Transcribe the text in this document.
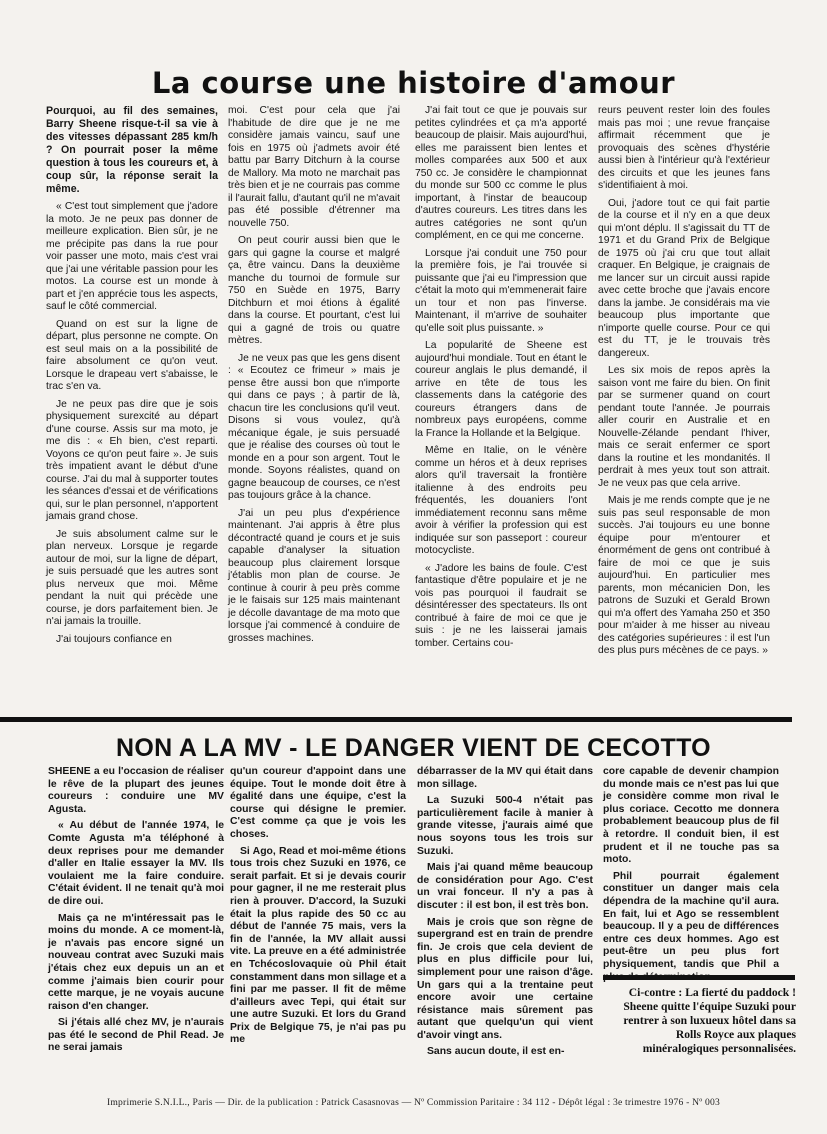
La course une histoire d'amour

Pourquoi, au fil des semaines, Barry Sheene risque-t-il sa vie à des vitesses dépassant 285 km/h ? On pourrait poser la même question à tous les coureurs et, à coup sûr, la réponse serait la même.

« C'est tout simplement que j'adore la moto. Je ne peux pas donner de meilleure explication. Bien sûr, je ne me précipite pas dans la rue pour voir passer une moto, mais c'est vrai que j'ai une véritable passion pour les motos. La course est un monde à part et j'en apprécie tous les aspects, sauf le côté commercial.

Quand on est sur la ligne de départ, plus personne ne compte. On est seul mais on a la possibilité de faire absolument ce qu'on veut. Lorsque le drapeau vert s'abaisse, le trac s'en va.

Je ne peux pas dire que je sois physiquement surexcité au départ d'une course. Assis sur ma moto, je me dis : « Eh bien, c'est reparti. Voyons ce qu'on peut faire ». Je suis très impatient avant le début d'une course. J'ai du mal à supporter toutes les séances d'essai et de vérifications qui, sur le plan personnel, n'apportent jamais grand chose.

Je suis absolument calme sur le plan nerveux. Lorsque je regarde autour de moi, sur la ligne de départ, je suis persuadé que les autres sont plus nerveux que moi. Même pendant la nuit qui précède une course, je dors parfaitement bien. Je n'ai jamais la trouille.

J'ai toujours confiance en

moi. C'est pour cela que j'ai l'habitude de dire que je ne me considère jamais vaincu, sauf une fois en 1975 où j'admets avoir été battu par Barry Ditchurn à la course de Mallory. Ma moto ne marchait pas très bien et je ne courrais pas comme il l'aurait fallu, d'autant qu'il ne m'avait pas été possible d'étrenner ma nouvelle 750.

On peut courir aussi bien que le gars qui gagne la course et malgré ça, être vaincu. Dans la deuxième manche du tournoi de formule sur 750 en Suède en 1975, Barry Ditchburn et moi étions à égalité dans la course. Et pourtant, c'est lui qui a gagné de trois ou quatre mètres.

Je ne veux pas que les gens disent : « Ecoutez ce frimeur » mais je pense être aussi bon que n'importe qui dans ce pays ; à partir de là, chacun tire les conclusions qu'il veut. Disons si vous voulez, qu'à mécanique égale, je suis persuadé que je réalise des courses où tout le monde en a pour son argent. Tout le monde. Soyons réalistes, quand on gagne beaucoup de courses, ce n'est pas toujours grâce à la chance.

J'ai un peu plus d'expérience maintenant. J'ai appris à être plus décontracté quand je cours et je suis capable d'analyser la situation beaucoup plus clairement lorsque j'établis mon plan de course. Je continue à courir à peu près comme je le faisais sur 125 mais maintenant je décolle davantage de ma moto que lorsque j'ai commencé à conduire de grosses machines.

J'ai fait tout ce que je pouvais sur petites cylindrées et ça m'a apporté beaucoup de plaisir. Mais aujourd'hui, elles me paraissent bien lentes et molles comparées aux 500 et aux 750 cc. Je considère le championnat du monde sur 500 cc comme le plus important, à l'instar de beaucoup d'autres coureurs. Les titres dans les autres catégories ne sont qu'un complément, en ce qui me concerne.

Lorsque j'ai conduit une 750 pour la première fois, je l'ai trouvée si puissante que j'ai eu l'impression que c'était la moto qui m'emmenerait faire un tour et non pas l'inverse. Maintenant, il m'arrive de souhaiter qu'elle soit plus puissante. »

La popularité de Sheene est aujourd'hui mondiale. Tout en étant le coureur anglais le plus demandé, il arrive en tête de tous les classements dans la catégorie des coureurs étrangers dans de nombreux pays européens, comme la France la Hollande et la Belgique.

Même en Italie, on le vénère comme un héros et à deux reprises alors qu'il traversait la frontière italienne à des endroits peu fréquentés, les douaniers l'ont immédiatement reconnu sans même avoir à vérifier la profession qui est indiquée sur son passeport : coureur motocycliste.

« J'adore les bains de foule. C'est fantastique d'être populaire et je ne vois pas pourquoi il faudrait se désintéresser des spectateurs. Ils ont contribué à faire de moi ce que je suis : je ne les laisserai jamais tomber. Certains cou-

reurs peuvent rester loin des foules mais pas moi ; une revue française affirmait récemment que je provoquais des scènes d'hystérie aussi bien à l'intérieur qu'à l'extérieur des circuits et que les jeunes fans s'identifiaient à moi.

Oui, j'adore tout ce qui fait partie de la course et il n'y en a que deux qui m'ont déplu. Il s'agissait du TT de 1971 et du Grand Prix de Belgique de 1975 où j'ai cru que tout allait craquer. En Belgique, je craignais de me lancer sur un circuit aussi rapide avec cette broche que j'avais encore dans la jambe. Je considérais ma vie beaucoup plus importante que n'importe quelle course. Pour ce qui est du TT, je le trouvais très dangereux.

Les six mois de repos après la saison vont me faire du bien. On finit par se surmener quand on court pendant toute l'année. Je pourrais aller courir en Australie et en Nouvelle-Zélande pendant l'hiver, mais ce serait enfermer ce sport dans la routine et les mondanités. Il perdrait à mes yeux tout son attrait. Je ne veux pas que cela arrive.

Mais je me rends compte que je ne suis pas seul responsable de mon succès. J'ai toujours eu une bonne équipe pour m'entourer et énormément de gens ont contribué à faire de moi ce que je suis aujourd'hui. En particulier mes parents, mon mécanicien Don, les patrons de Suzuki et Gerald Brown qui m'a offert des Yamaha 250 et 350 pour m'aider à me hisser au niveau des catégories supérieures : il est l'un des plus purs mécènes de ce pays. »

NON A LA MV - LE DANGER VIENT DE CECOTTO

SHEENE a eu l'occasion de réaliser le rêve de la plupart des jeunes coureurs : conduire une MV Agusta.

« Au début de l'année 1974, le Comte Agusta m'a téléphoné à deux reprises pour me demander d'aller en Italie essayer la MV. Ils voulaient me la faire conduire. C'était évident. Il ne tenait qu'à moi de dire oui.

Mais ça ne m'intéressait pas le moins du monde. A ce moment-là, je n'avais pas encore signé un nouveau contrat avec Suzuki mais j'étais chez eux depuis un an et comme j'aimais bien courir pour cette marque, je ne voyais aucune raison d'en changer.

Si j'étais allé chez MV, je n'aurais pas été le second de Phil Read. Je ne serai jamais

qu'un coureur d'appoint dans une équipe. Tout le monde doit être à égalité dans une équipe, c'est la course qui désigne le premier. C'est comme ça que je vois les choses.

Si Ago, Read et moi-même étions tous trois chez Suzuki en 1976, ce serait parfait. Et si je devais courir pour gagner, il ne me resterait plus rien à prouver. D'accord, la Suzuki était la plus rapide des 50 cc au début de l'année 75 mais, vers la fin de l'année, la MV allait aussi vite. La preuve en a été administrée en Tchécoslovaquie où Phil était constamment dans mon sillage et a fini par me passer. Il fit de même d'ailleurs avec Tepi, qui était sur une autre Suzuki. Et lors du Grand Prix de Belgique 75, je n'ai pas pu me

débarrasser de la MV qui était dans mon sillage.

La Suzuki 500-4 n'était pas particulièrement facile à manier à grande vitesse, j'aurais aimé que nous soyons tous les trois sur Suzuki.

Mais j'ai quand même beaucoup de considération pour Ago. C'est un vrai fonceur. Il n'y a pas à discuter : il est bon, il est très bon.

Mais je crois que son règne de supergrand est en train de prendre fin. Je crois que cela devient de plus en plus difficile pour lui, simplement pour une raison d'âge. Un gars qui a la trentaine peut encore avoir une certaine résistance mais sûrement pas autant que quelqu'un qui vient d'avoir vingt ans.

Sans aucun doute, il est en-

core capable de devenir champion du monde mais ce n'est pas lui que je considère comme mon rival le plus coriace. Cecotto me donnera probablement beaucoup plus de fil à retordre. Il conduit bien, il est prudent et il ne touche pas sa moto.

Phil pourrait également constituer un danger mais cela dépendra de la machine qu'il aura. En fait, lui et Ago se ressemblent beaucoup. Il y a peu de différences entre ces deux hommes. Ago est peut-être un peu plus fort physiquement, tandis que Phil a

Ci-contre : La fierté du paddock ! Sheene quitte l'équipe Suzuki pour rentrer à son luxueux hôtel dans sa Rolls Royce aux plaques minéralogiques personnalisées.

Imprimerie S.N.I.L., Paris — Dir. de la publication : Patrick Casasnovas — Nº Commission Paritaire : 34 112 - Dépôt légal : 3e trimestre 1976 - Nº 003
